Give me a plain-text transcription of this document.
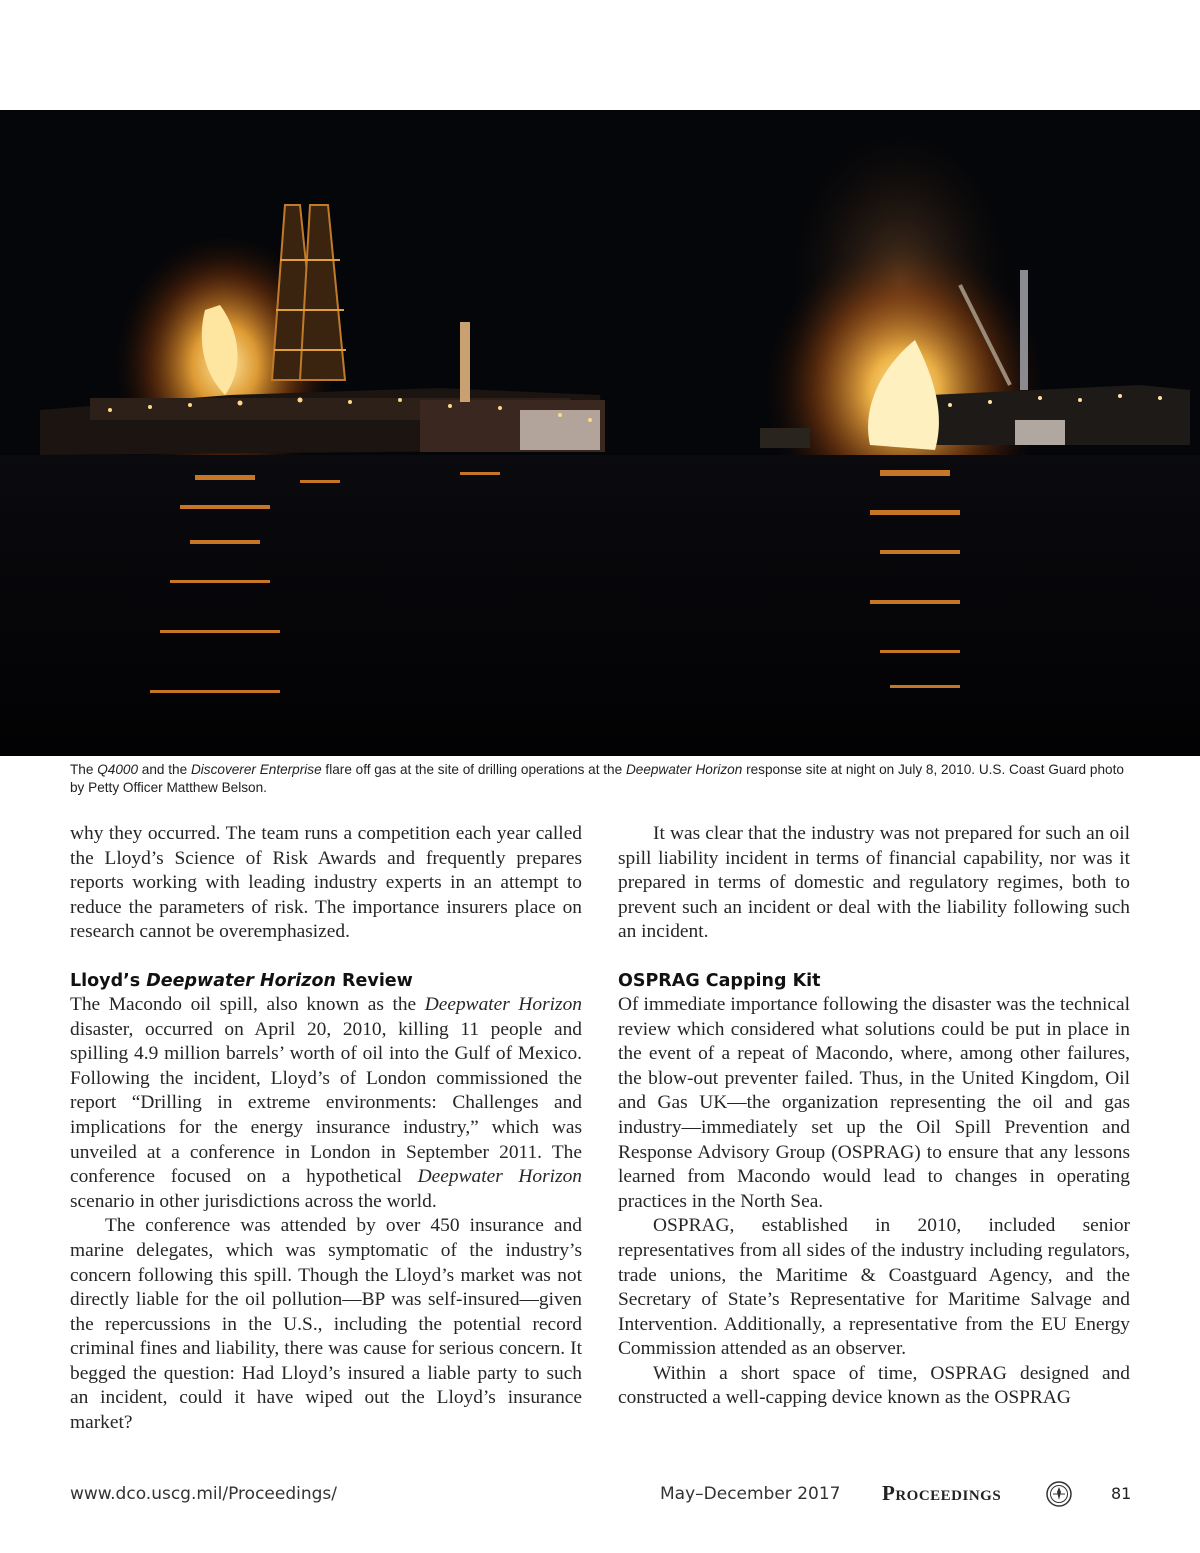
The Q4000 and the Discoverer Enterprise flare off gas at the site of drilling operations at the Deepwater Horizon response site at night on July 8, 2010. U.S. Coast Guard photo by Petty Officer Matthew Belson.

why they occurred. The team runs a competition each year called the Lloyd’s Science of Risk Awards and frequently prepares reports working with leading industry experts in an attempt to reduce the parameters of risk. The importance insurers place on research cannot be overemphasized.

Lloyd’s Deepwater Horizon Review

The Macondo oil spill, also known as the Deepwater Horizon disaster, occurred on April 20, 2010, killing 11 people and spilling 4.9 million barrels’ worth of oil into the Gulf of Mexico. Following the incident, Lloyd’s of London commissioned the report “Drilling in extreme environments: Challenges and implications for the energy insurance industry,” which was unveiled at a conference in London in September 2011. The conference focused on a hypothetical Deepwater Horizon scenario in other jurisdictions across the world.

The conference was attended by over 450 insurance and marine delegates, which was symptomatic of the industry’s concern following this spill. Though the Lloyd’s market was not directly liable for the oil pollution—BP was self-insured—given the repercussions in the U.S., including the potential record criminal fines and liability, there was cause for serious concern. It begged the question: Had Lloyd’s insured a liable party to such an incident, could it have wiped out the Lloyd’s insurance market?

It was clear that the industry was not prepared for such an oil spill liability incident in terms of financial capability, nor was it prepared in terms of domestic and regulatory regimes, both to prevent such an incident or deal with the liability following such an incident.

OSPRAG Capping Kit

Of immediate importance following the disaster was the technical review which considered what solutions could be put in place in the event of a repeat of Macondo, where, among other failures, the blow-out preventer failed. Thus, in the United Kingdom, Oil and Gas UK—the organization representing the oil and gas industry—immediately set up the Oil Spill Prevention and Response Advisory Group (OSPRAG) to ensure that any lessons learned from Macondo would lead to changes in operating practices in the North Sea.

OSPRAG, established in 2010, included senior representatives from all sides of the industry including regulators, trade unions, the Maritime & Coastguard Agency, and the Secretary of State’s Representative for Maritime Salvage and Intervention. Additionally, a representative from the EU Energy Commission attended as an observer.

Within a short space of time, OSPRAG designed and constructed a well-capping device known as the OSPRAG

www.dco.uscg.mil/Proceedings/	May–December 2017 Proceedings	81
